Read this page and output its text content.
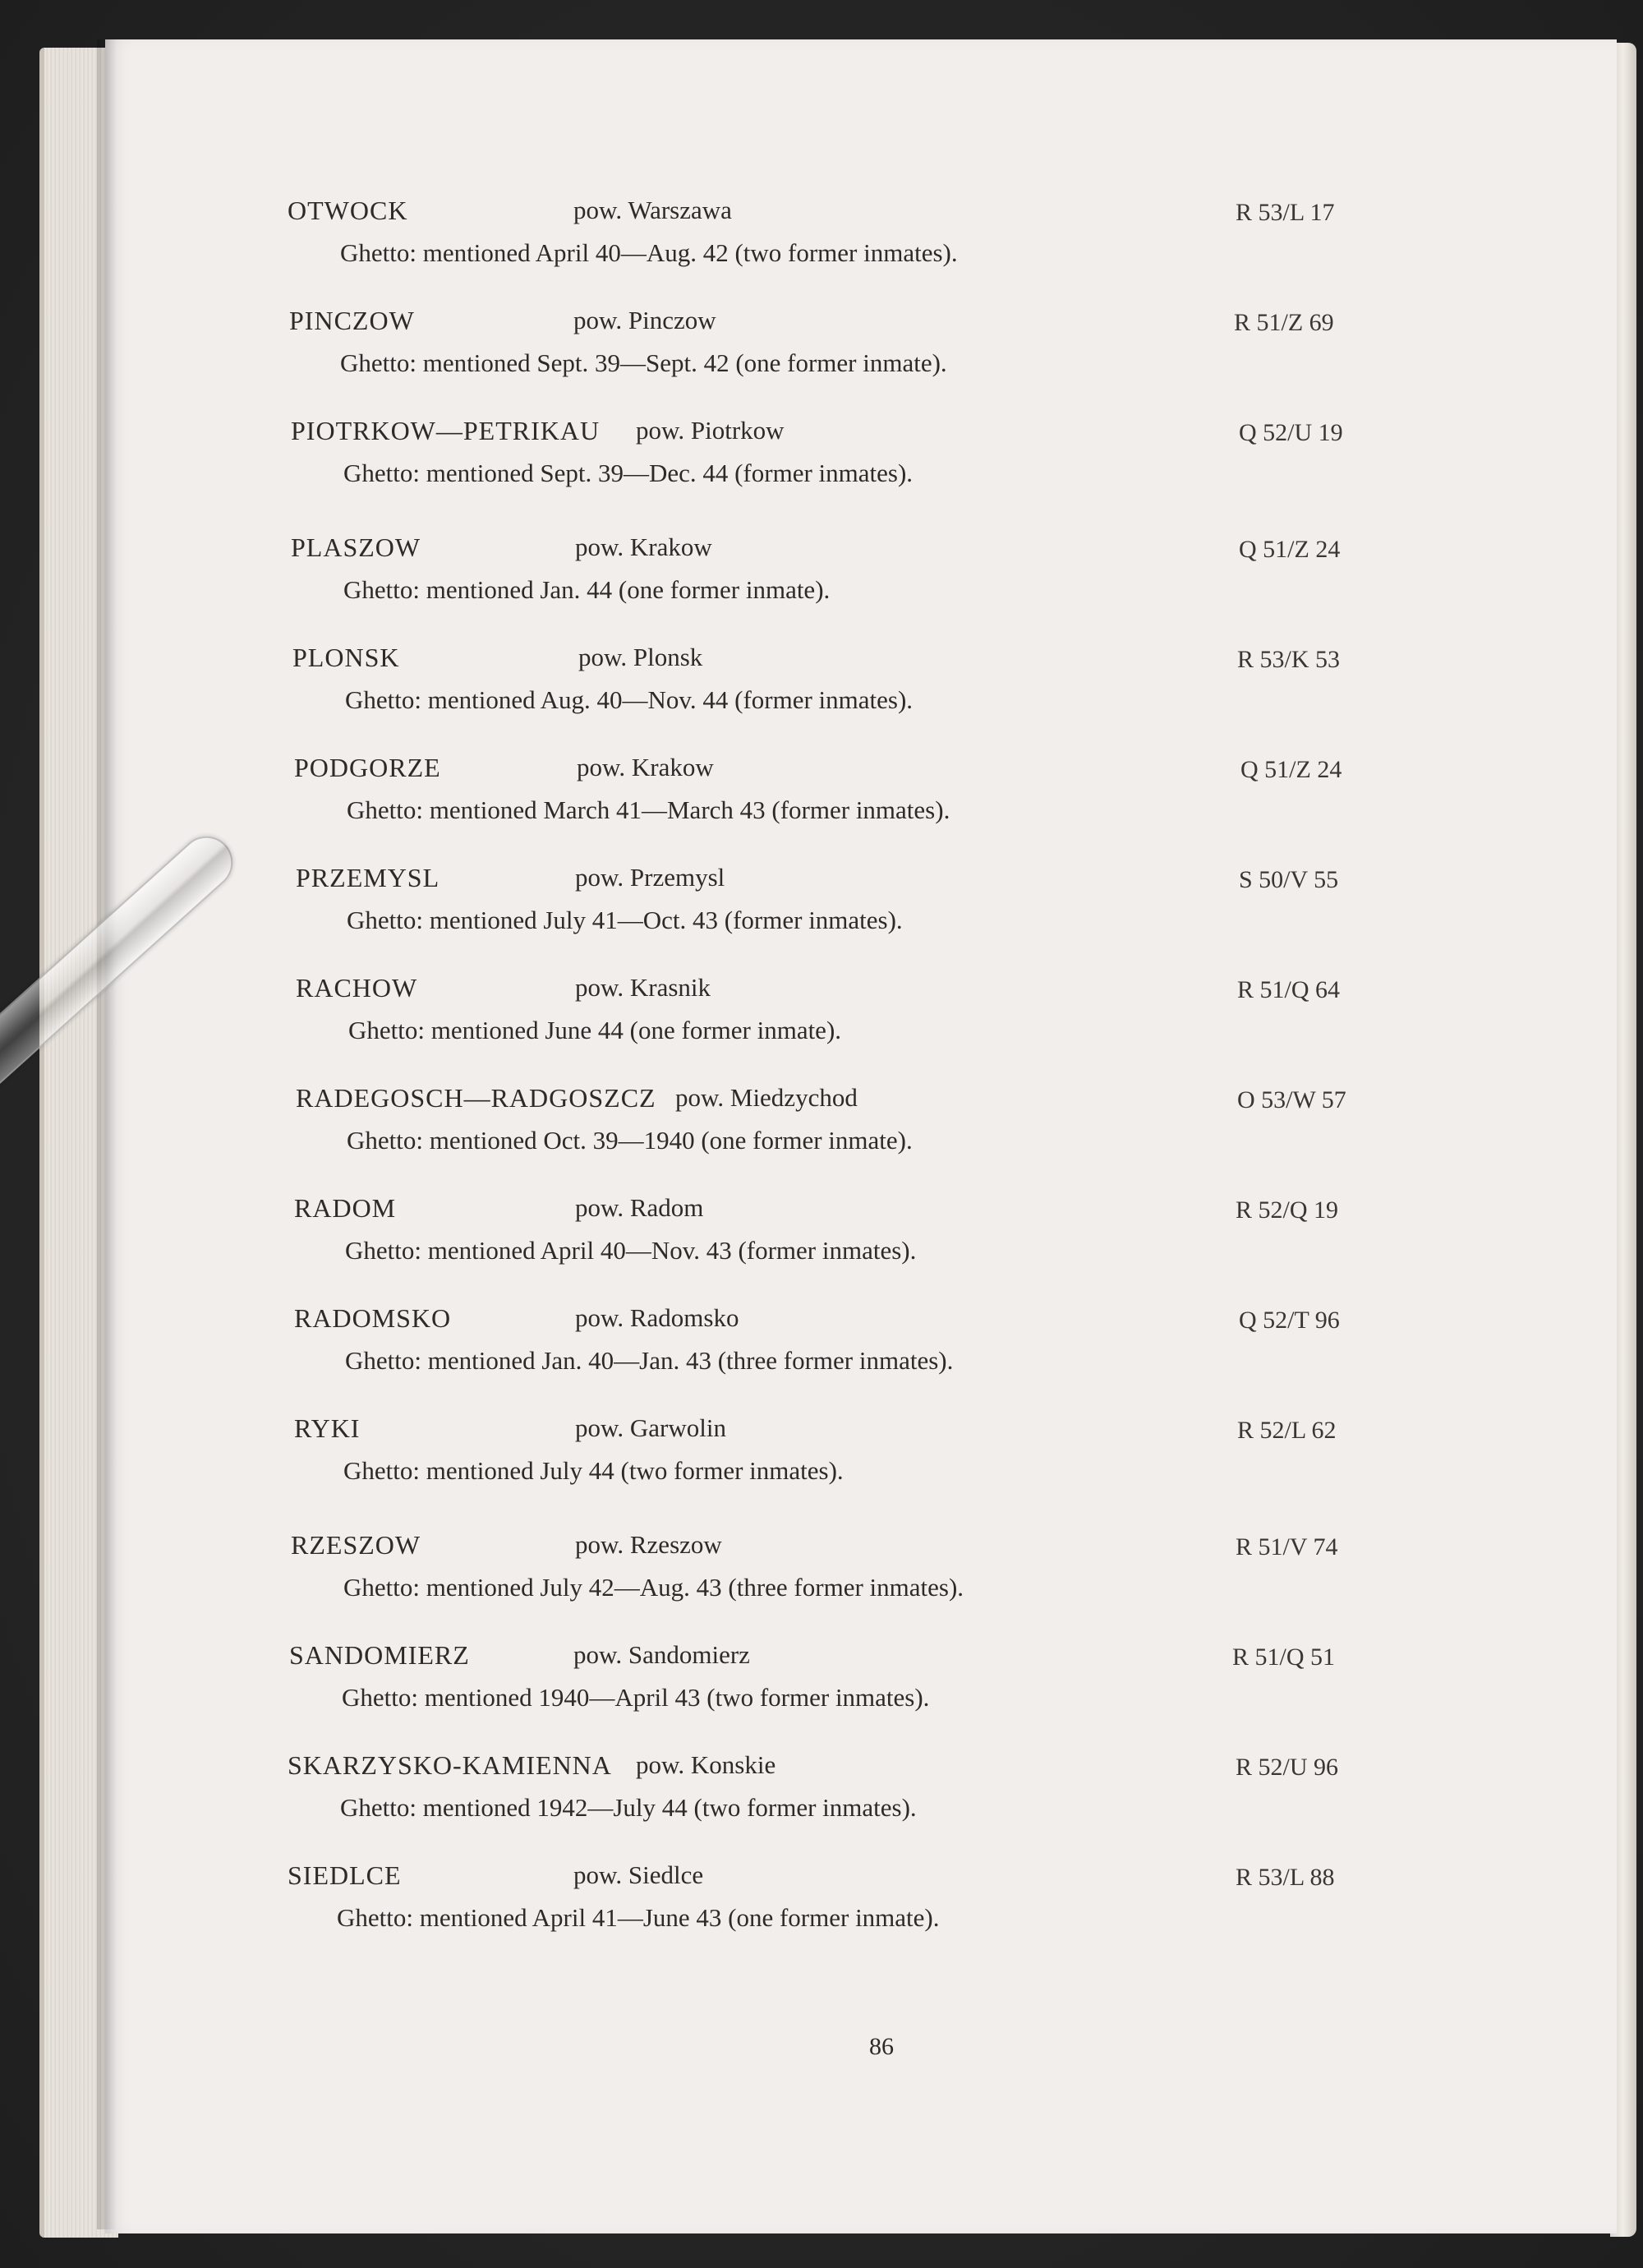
OTWOCK	pow. Warszawa	R 53/L 17
Ghetto: mentioned April 40—Aug. 42 (two former inmates).
PINCZOW	pow. Pinczow	R 51/Z 69
Ghetto: mentioned Sept. 39—Sept. 42 (one former inmate).
PIOTRKOW—PETRIKAU pow. Piotrkow	Q 52/U 19
Ghetto: mentioned Sept. 39—Dec. 44 (former inmates).
PLASZOW	pow. Krakow	Q 51/Z 24
Ghetto: mentioned Jan. 44 (one former inmate).
PLONSK	pow. Plonsk	R 53/K 53
Ghetto: mentioned Aug. 40—Nov. 44 (former inmates).
PODGORZE	pow. Krakow	Q 51/Z 24
Ghetto: mentioned March 41—March 43 (former inmates).
PRZEMYSL	pow. Przemysl	S 50/V 55
Ghetto: mentioned July 41—Oct. 43 (former inmates).
RACHOW	pow. Krasnik	R 51/Q 64
Ghetto: mentioned June 44 (one former inmate).
RADEGOSCH—RADGOSZCZ pow. Miedzychod	O 53/W 57
Ghetto: mentioned Oct. 39—1940 (one former inmate).
RADOM	pow. Radom	R 52/Q 19
Ghetto: mentioned April 40—Nov. 43 (former inmates).
RADOMSKO	pow. Radomsko	Q 52/T 96
Ghetto: mentioned Jan. 40—Jan. 43 (three former inmates).
RYKI	pow. Garwolin	R 52/L 62
Ghetto: mentioned July 44 (two former inmates).
RZESZOW	pow. Rzeszow	R 51/V 74
Ghetto: mentioned July 42—Aug. 43 (three former inmates).
SANDOMIERZ	pow. Sandomierz	R 51/Q 51
Ghetto: mentioned 1940—April 43 (two former inmates).
SKARZYSKO-KAMIENNA pow. Konskie	R 52/U 96
Ghetto: mentioned 1942—July 44 (two former inmates).
SIEDLCE	pow. Siedlce	R 53/L 88
Ghetto: mentioned April 41—June 43 (one former inmate).
86
